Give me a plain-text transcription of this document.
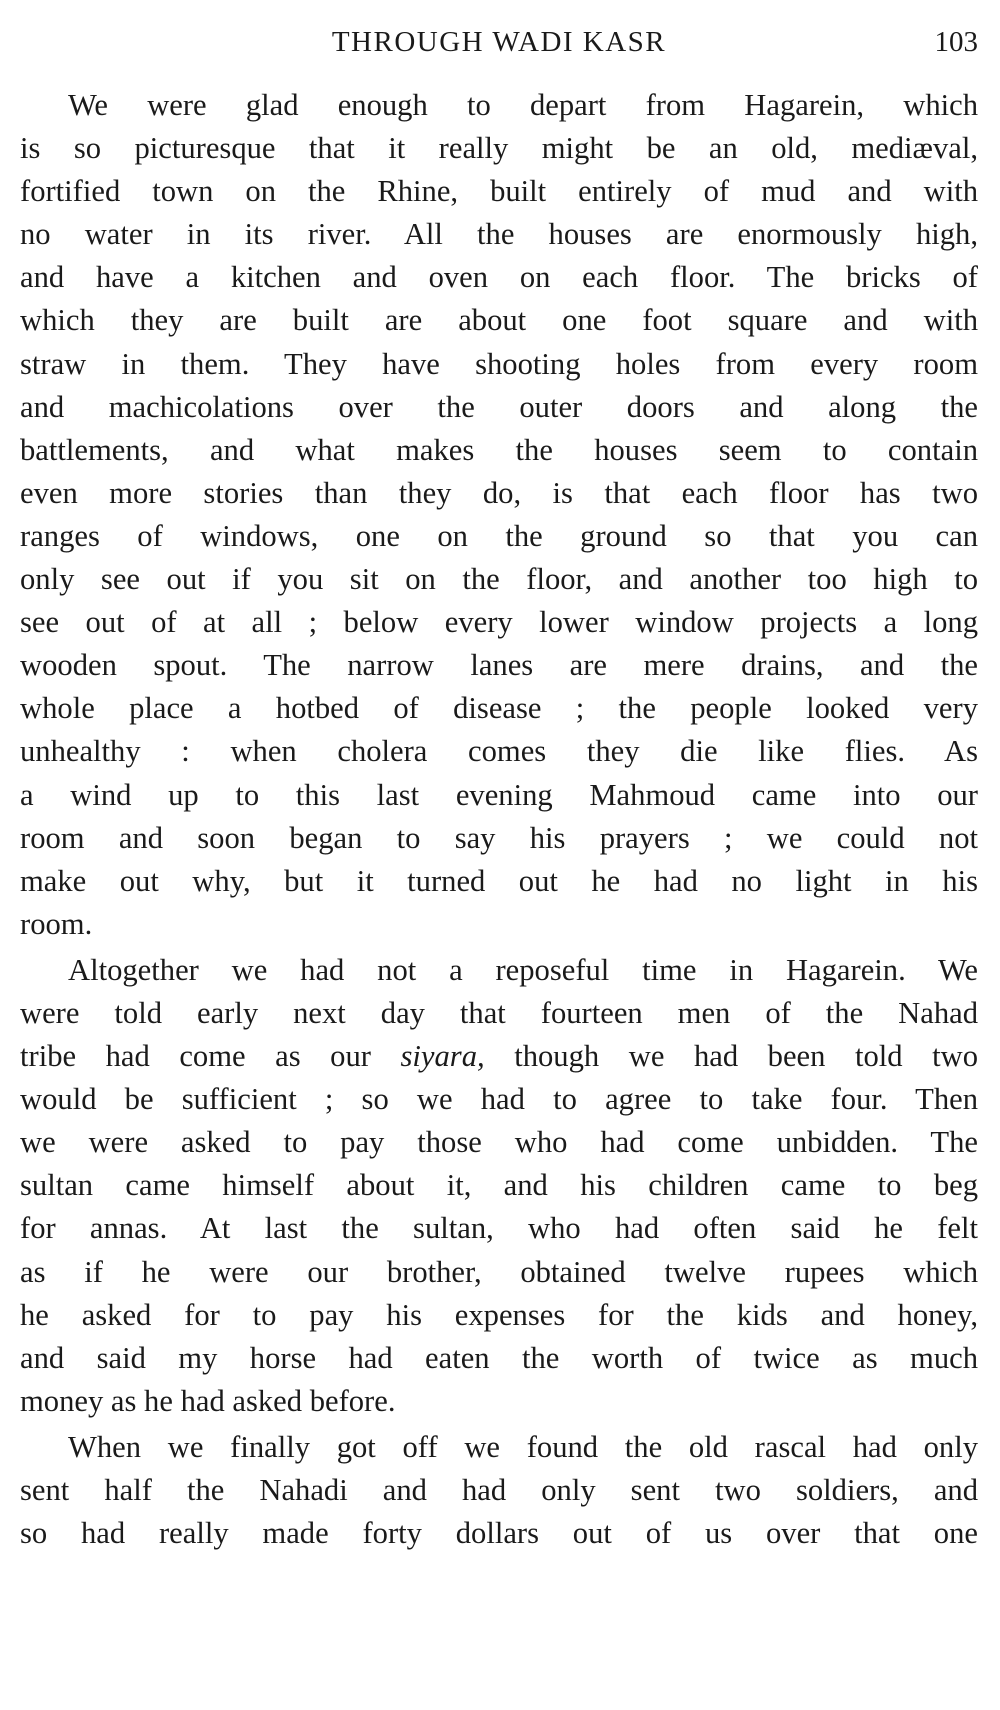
THROUGH WADI KASR	103
We were glad enough to depart from Hagarein, which
is so picturesque that it really might be an old, mediæval,
fortified town on the Rhine, built entirely of mud and with
no water in its river. All the houses are enormously high,
and have a kitchen and oven on each floor. The bricks of
which they are built are about one foot square and with
straw in them. They have shooting holes from every room
and machicolations over the outer doors and along the
battlements, and what makes the houses seem to contain
even more stories than they do, is that each floor has two
ranges of windows, one on the ground so that you can
only see out if you sit on the floor, and another too high to
see out of at all ; below every lower window projects a long
wooden spout. The narrow lanes are mere drains, and the
whole place a hotbed of disease ; the people looked very
unhealthy : when cholera comes they die like flies. As
a wind up to this last evening Mahmoud came into our
room and soon began to say his prayers ; we could not
make out why, but it turned out he had no light in his
room.
Altogether we had not a reposeful time in Hagarein. We
were told early next day that fourteen men of the Nahad
tribe had come as our siyara, though we had been told two
would be sufficient ; so we had to agree to take four. Then
we were asked to pay those who had come unbidden. The
sultan came himself about it, and his children came to beg
for annas. At last the sultan, who had often said he felt
as if he were our brother, obtained twelve rupees which
he asked for to pay his expenses for the kids and honey,
and said my horse had eaten the worth of twice as much
money as he had asked before.
When we finally got off we found the old rascal had only
sent half the Nahadi and had only sent two soldiers, and
so had really made forty dollars out of us over that one
